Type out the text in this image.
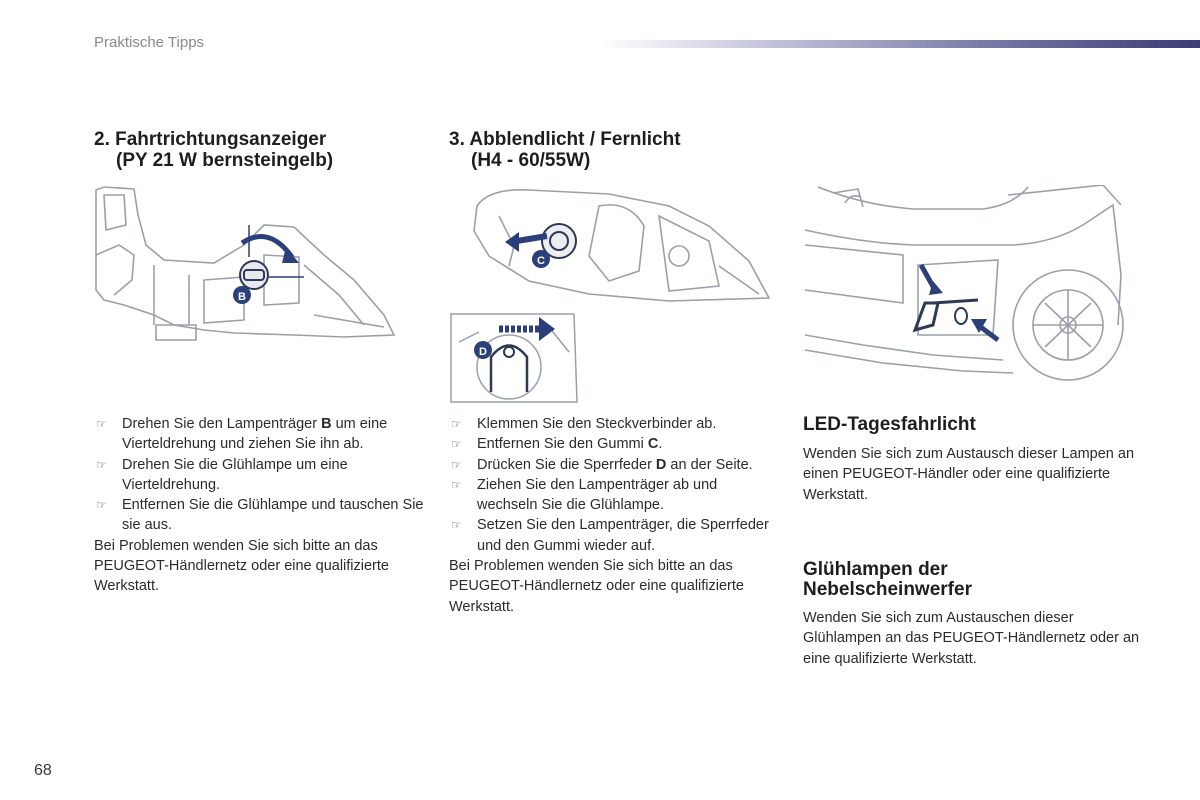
Praktische Tipps
2. Fahrtrichtungsanzeiger
(PY 21 W bernsteingelb)
B
☞ Drehen Sie den Lampenträger B um eine Vierteldrehung und ziehen Sie ihn ab.
☞ Drehen Sie die Glühlampe um eine Vierteldrehung.
☞ Entfernen Sie die Glühlampe und tauschen Sie sie aus.

Bei Problemen wenden Sie sich bitte an das PEUGEOT-Händlernetz oder eine qualifizierte Werkstatt.

3. Abblendlicht / Fernlicht
(H4 - 60/55W)
C
D
☞ Klemmen Sie den Steckverbinder ab.
☞ Entfernen Sie den Gummi C.
☞ Drücken Sie die Sperrfeder D an der Seite.
☞ Ziehen Sie den Lampenträger ab und wechseln Sie die Glühlampe.
☞ Setzen Sie den Lampenträger, die Sperrfeder und den Gummi wieder auf.

Bei Problemen wenden Sie sich bitte an das PEUGEOT-Händlernetz oder eine qualifizierte Werkstatt.

LED-Tagesfahrlicht

Wenden Sie sich zum Austausch dieser Lampen an einen PEUGEOT-Händler oder eine qualifizierte Werkstatt.

Glühlampen der
Nebelscheinwerfer

Wenden Sie sich zum Austauschen dieser Glühlampen an das PEUGEOT-Händlernetz oder an eine qualifizierte Werkstatt.

68
